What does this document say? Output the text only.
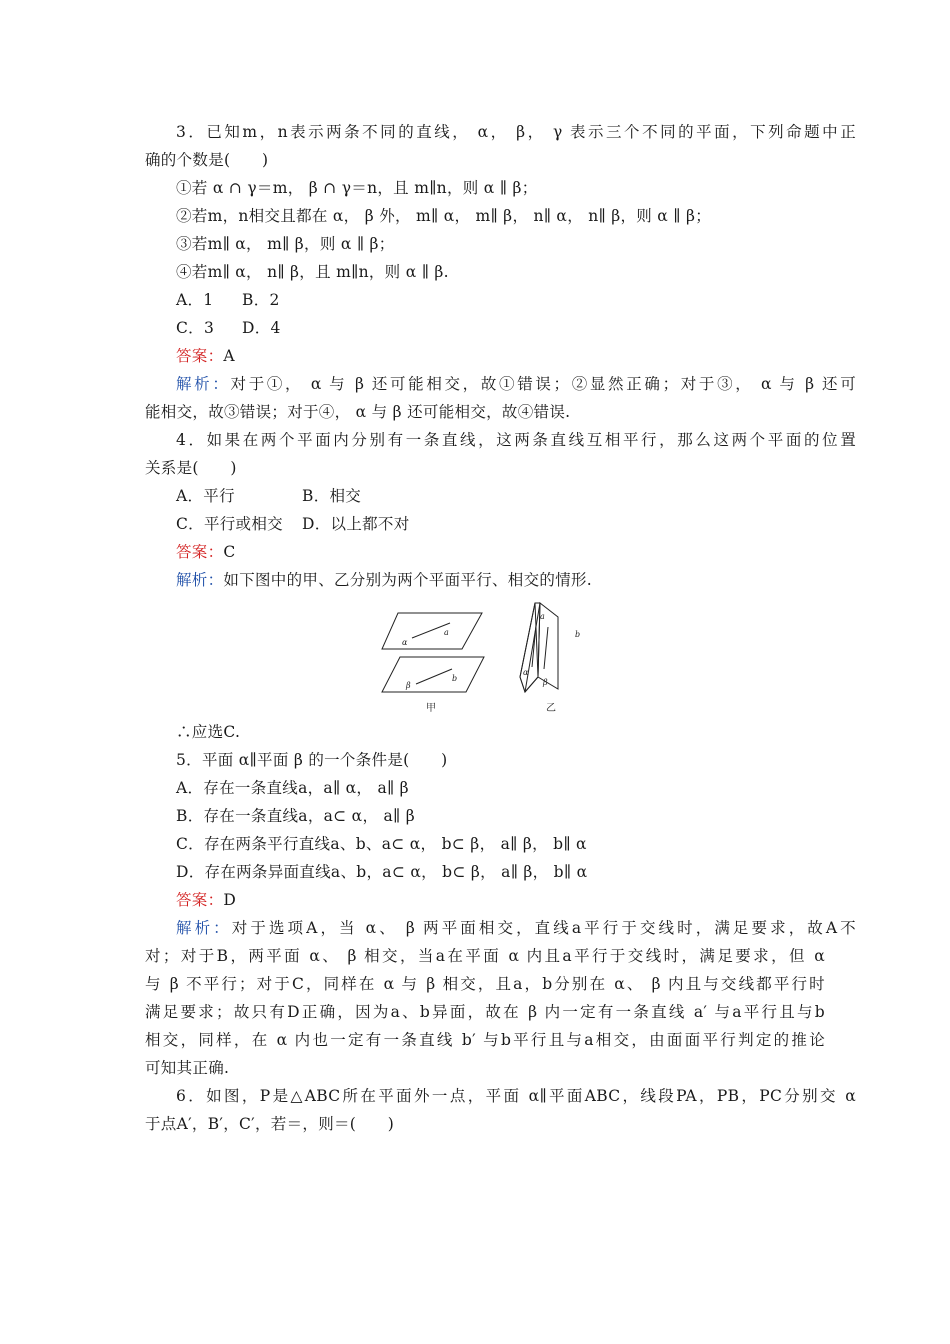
3．已知m，n表示两条不同的直线， α， β， γ 表示三个不同的平面，下列命题中正
确的个数是(　　)
①若 α ∩ γ＝m， β ∩ γ＝n，且 m∥n，则 α ∥ β；
②若m，n相交且都在 α， β 外， m∥ α， m∥ β， n∥ α， n∥ β，则 α ∥ β；
③若m∥ α， m∥ β，则 α ∥ β；
④若m∥ α， n∥ β，且 m∥n，则 α ∥ β.
A．1 B．2
C．3 D．4
答案：A
解析：对于①， α 与 β 还可能相交，故①错误；②显然正确；对于③， α 与 β 还可
能相交，故③错误；对于④， α 与 β 还可能相交，故④错误.
4．如果在两个平面内分别有一条直线，这两条直线互相平行，那么这两个平面的位置
关系是(　　)
A．平行	B．相交
C．平行或相交 D．以上都不对
答案：C
解析：如下图中的甲、乙分别为两个平面平行、相交的情形.
α
a
β
b
a
b
α
β
甲	乙
∴应选C.
5．平面 α∥平面 β 的一个条件是(　　)
A．存在一条直线a，a∥ α， a∥ β
B．存在一条直线a，a⊂ α， a∥ β
C．存在两条平行直线a、b、a⊂ α， b⊂ β， a∥ β， b∥ α
D．存在两条异面直线a、b，a⊂ α， b⊂ β， a∥ β， b∥ α
答案：D
解析：对于选项A，当 α、 β 两平面相交，直线a平行于交线时，满足要求，故A不
对；对于B，两平面 α、 β 相交，当a在平面 α 内且a平行于交线时，满足要求，但 α
与 β 不平行；对于C，同样在 α 与 β 相交，且a，b分别在 α、 β 内且与交线都平行时
满足要求；故只有D正确，因为a、b异面，故在 β 内一定有一条直线 a′ 与a平行且与b
相交，同样，在 α 内也一定有一条直线 b′ 与b平行且与a相交，由面面平行判定的推论
可知其正确.
6．如图，P是△ABC所在平面外一点，平面 α∥平面ABC，线段PA，PB，PC分别交 α
于点A′，B′，C′，若＝，则＝(　　)
